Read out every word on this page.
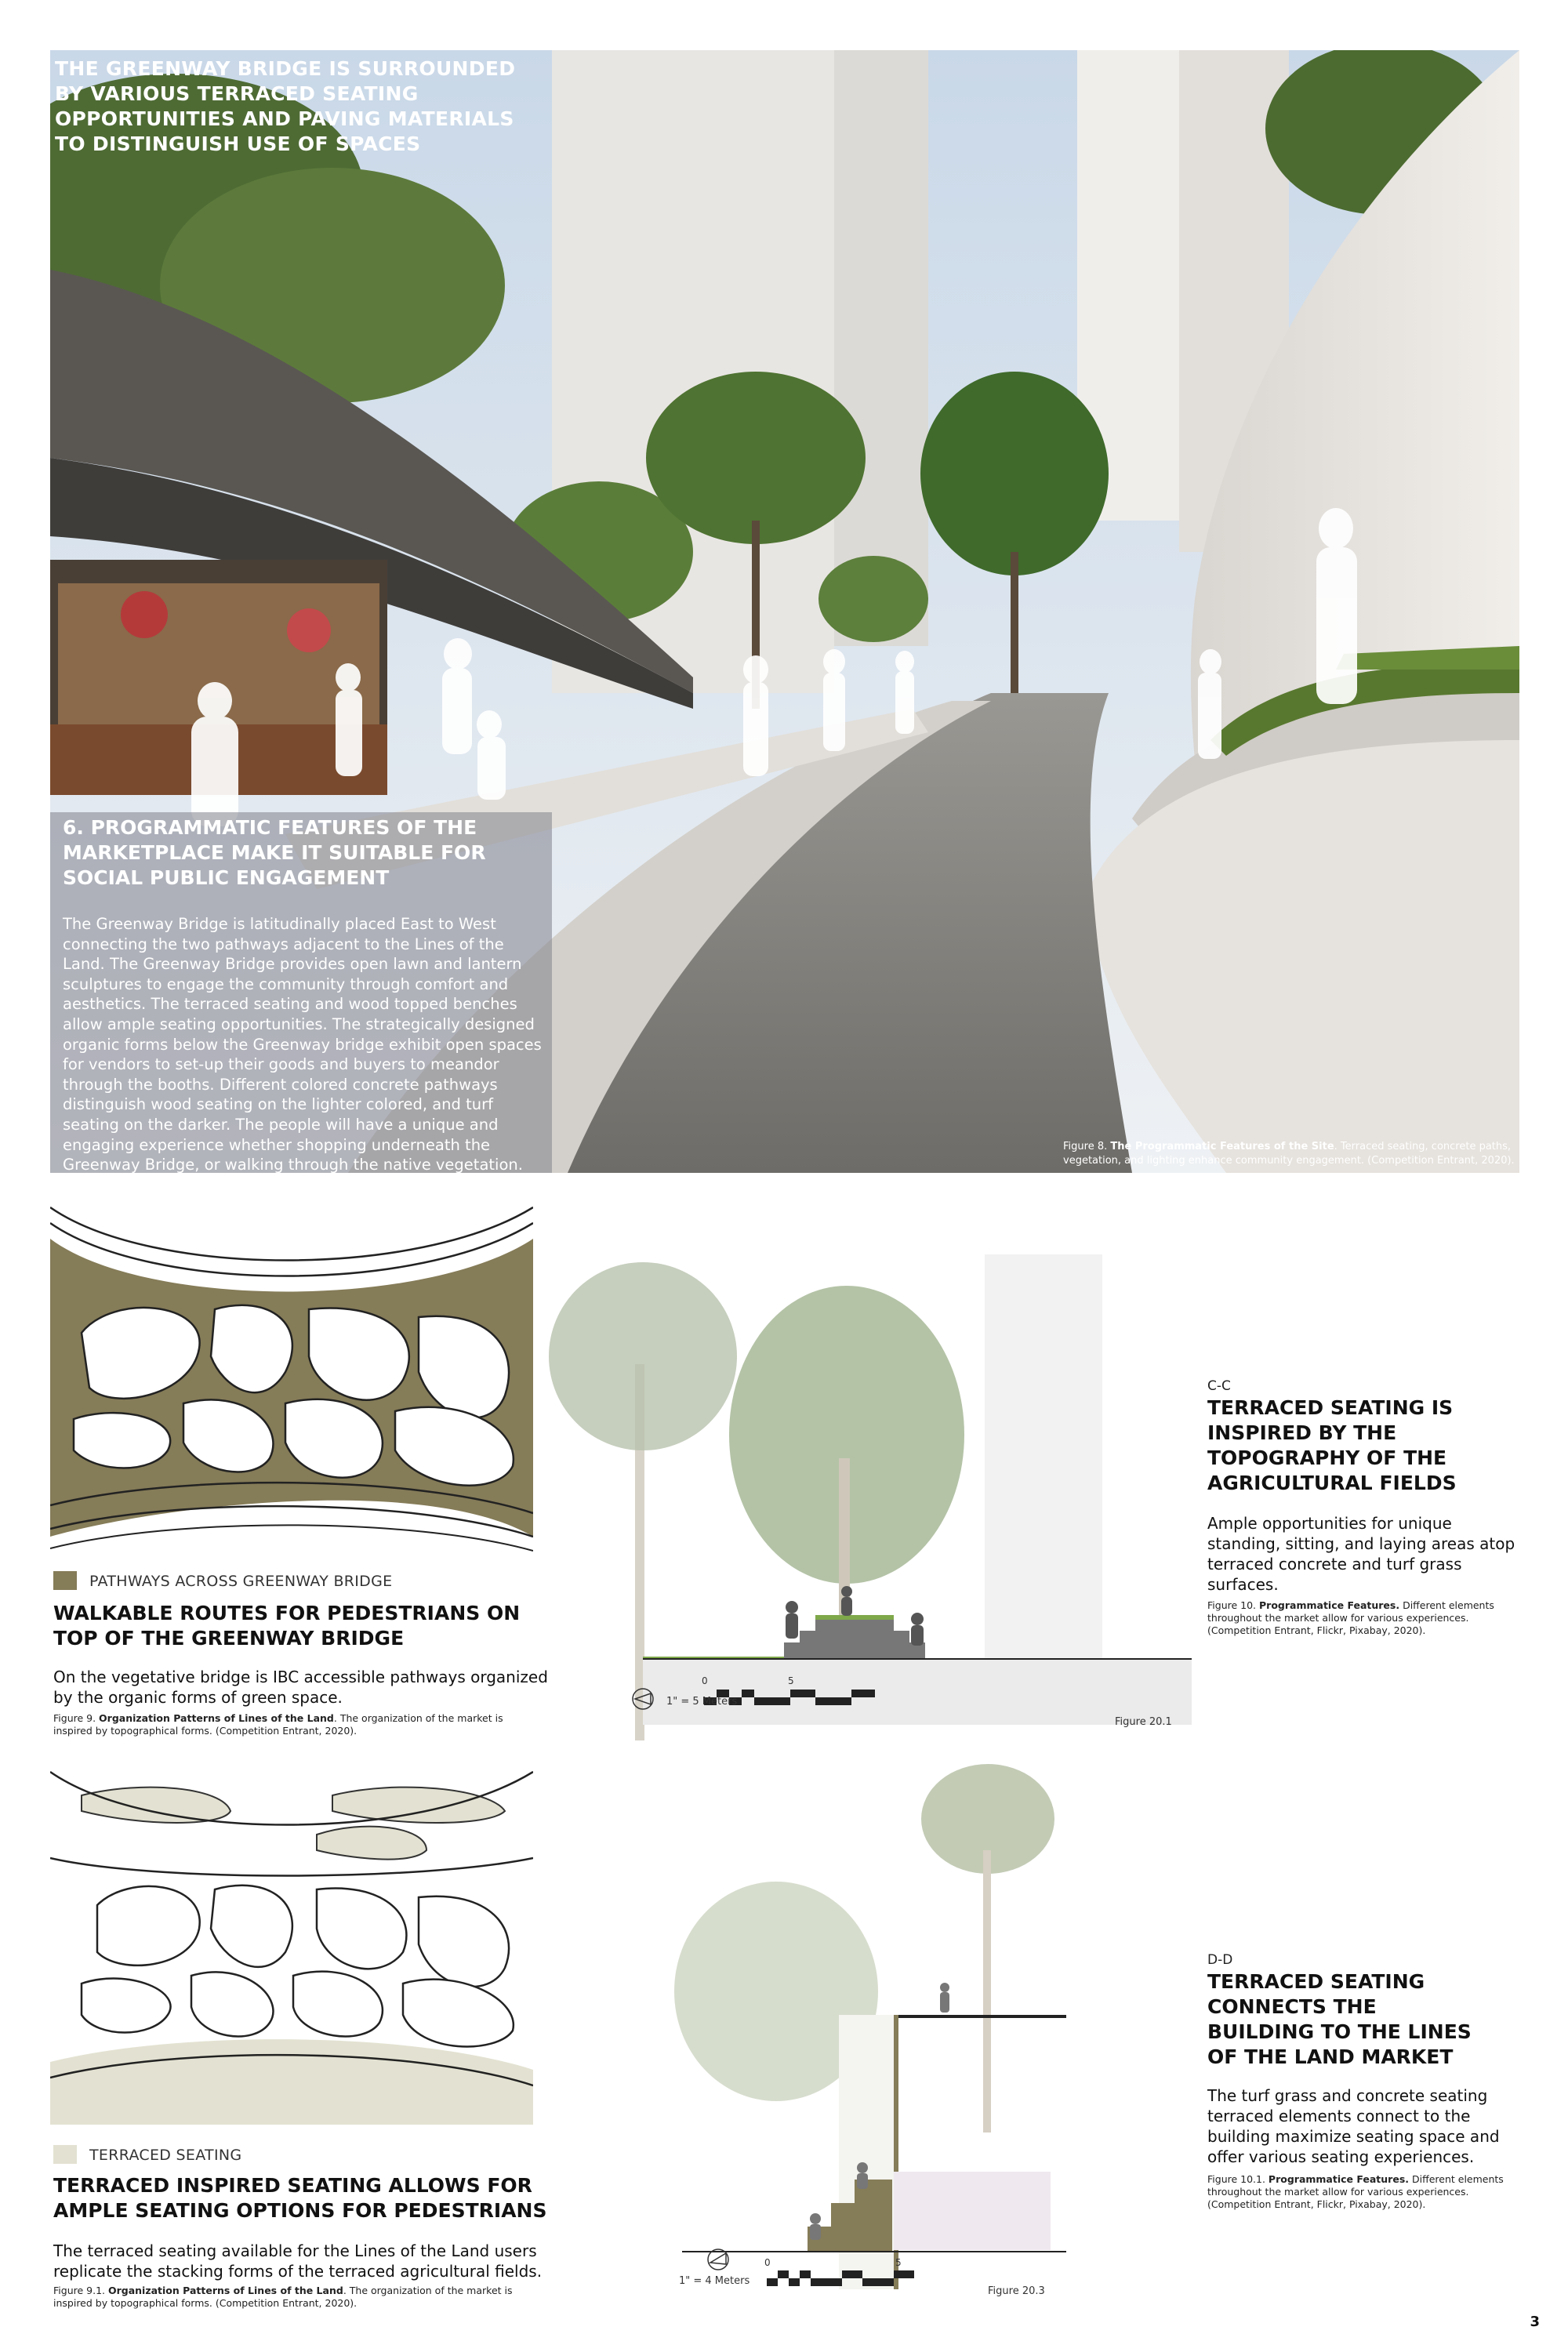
THE GREENWAY BRIDGE IS SURROUNDED BY VARIOUS TERRACED SEATING OPPORTUNITIES AND PAVING MATERIALS TO DISTINGUISH USE OF SPACES
6. PROGRAMMATIC FEATURES OF THE MARKETPLACE MAKE IT SUITABLE FOR SOCIAL PUBLIC ENGAGEMENT

The Greenway Bridge is latitudinally placed East to West connecting the two pathways adjacent to the Lines of the Land. The Greenway Bridge provides open lawn and lantern sculptures to engage the community through comfort and aesthetics. The terraced seating and wood topped benches allow ample seating opportunities. The strategically designed organic forms below the Greenway bridge exhibit open spaces for vendors to set-up their goods and buyers to meandor through the booths. Different colored concrete pathways distinguish wood seating on the lighter colored, and turf seating on the darker. The people will have a unique and engaging experience whether shopping underneath the Greenway Bridge, or walking through the native vegetation.

Figure 8. The Programmatic Features of the Site. Terraced seating, concrete paths, vegetation, and lighting enhance community engagement. (Competition Entrant, 2020).

PATHWAYS ACROSS GREENWAY BRIDGE
WALKABLE ROUTES FOR PEDESTRIANS ON TOP OF THE GREENWAY BRIDGE

On the vegetative bridge is IBC accessible pathways organized by the organic forms of green space.

Figure 9. Organization Patterns of Lines of the Land. The organization of the market is inspired by topographical forms. (Competition Entrant, 2020).

TERRACED SEATING
TERRACED INSPIRED SEATING ALLOWS FOR AMPLE SEATING OPTIONS FOR PEDESTRIANS

The terraced seating available for the Lines of the Land users replicate the stacking forms of the terraced agricultural fields.

Figure 9.1. Organization Patterns of Lines of the Land. The organization of the market is inspired by topographical forms. (Competition Entrant, 2020).

1" = 5 Meters
0	5
Figure 20.1

C-C

TERRACED SEATING IS INSPIRED BY THE TOPOGRAPHY OF THE AGRICULTURAL FIELDS

Ample opportunities for unique standing, sitting, and laying areas atop terraced concrete and turf grass surfaces.

Figure 10. Programmatice Features. Different elements throughout the market allow for various experiences. (Competition Entrant, Flickr, Pixabay, 2020).

1" = 4 Meters
0	5
Figure 20.3

D-D

TERRACED SEATING CONNECTS THE BUILDING TO THE LINES OF THE LAND MARKET

The turf grass and concrete seating terraced elements connect to the building maximize seating space and offer various seating experiences.

Figure 10.1. Programmatice Features. Different elements throughout the market allow for various experiences. (Competition Entrant, Flickr, Pixabay, 2020).

3
